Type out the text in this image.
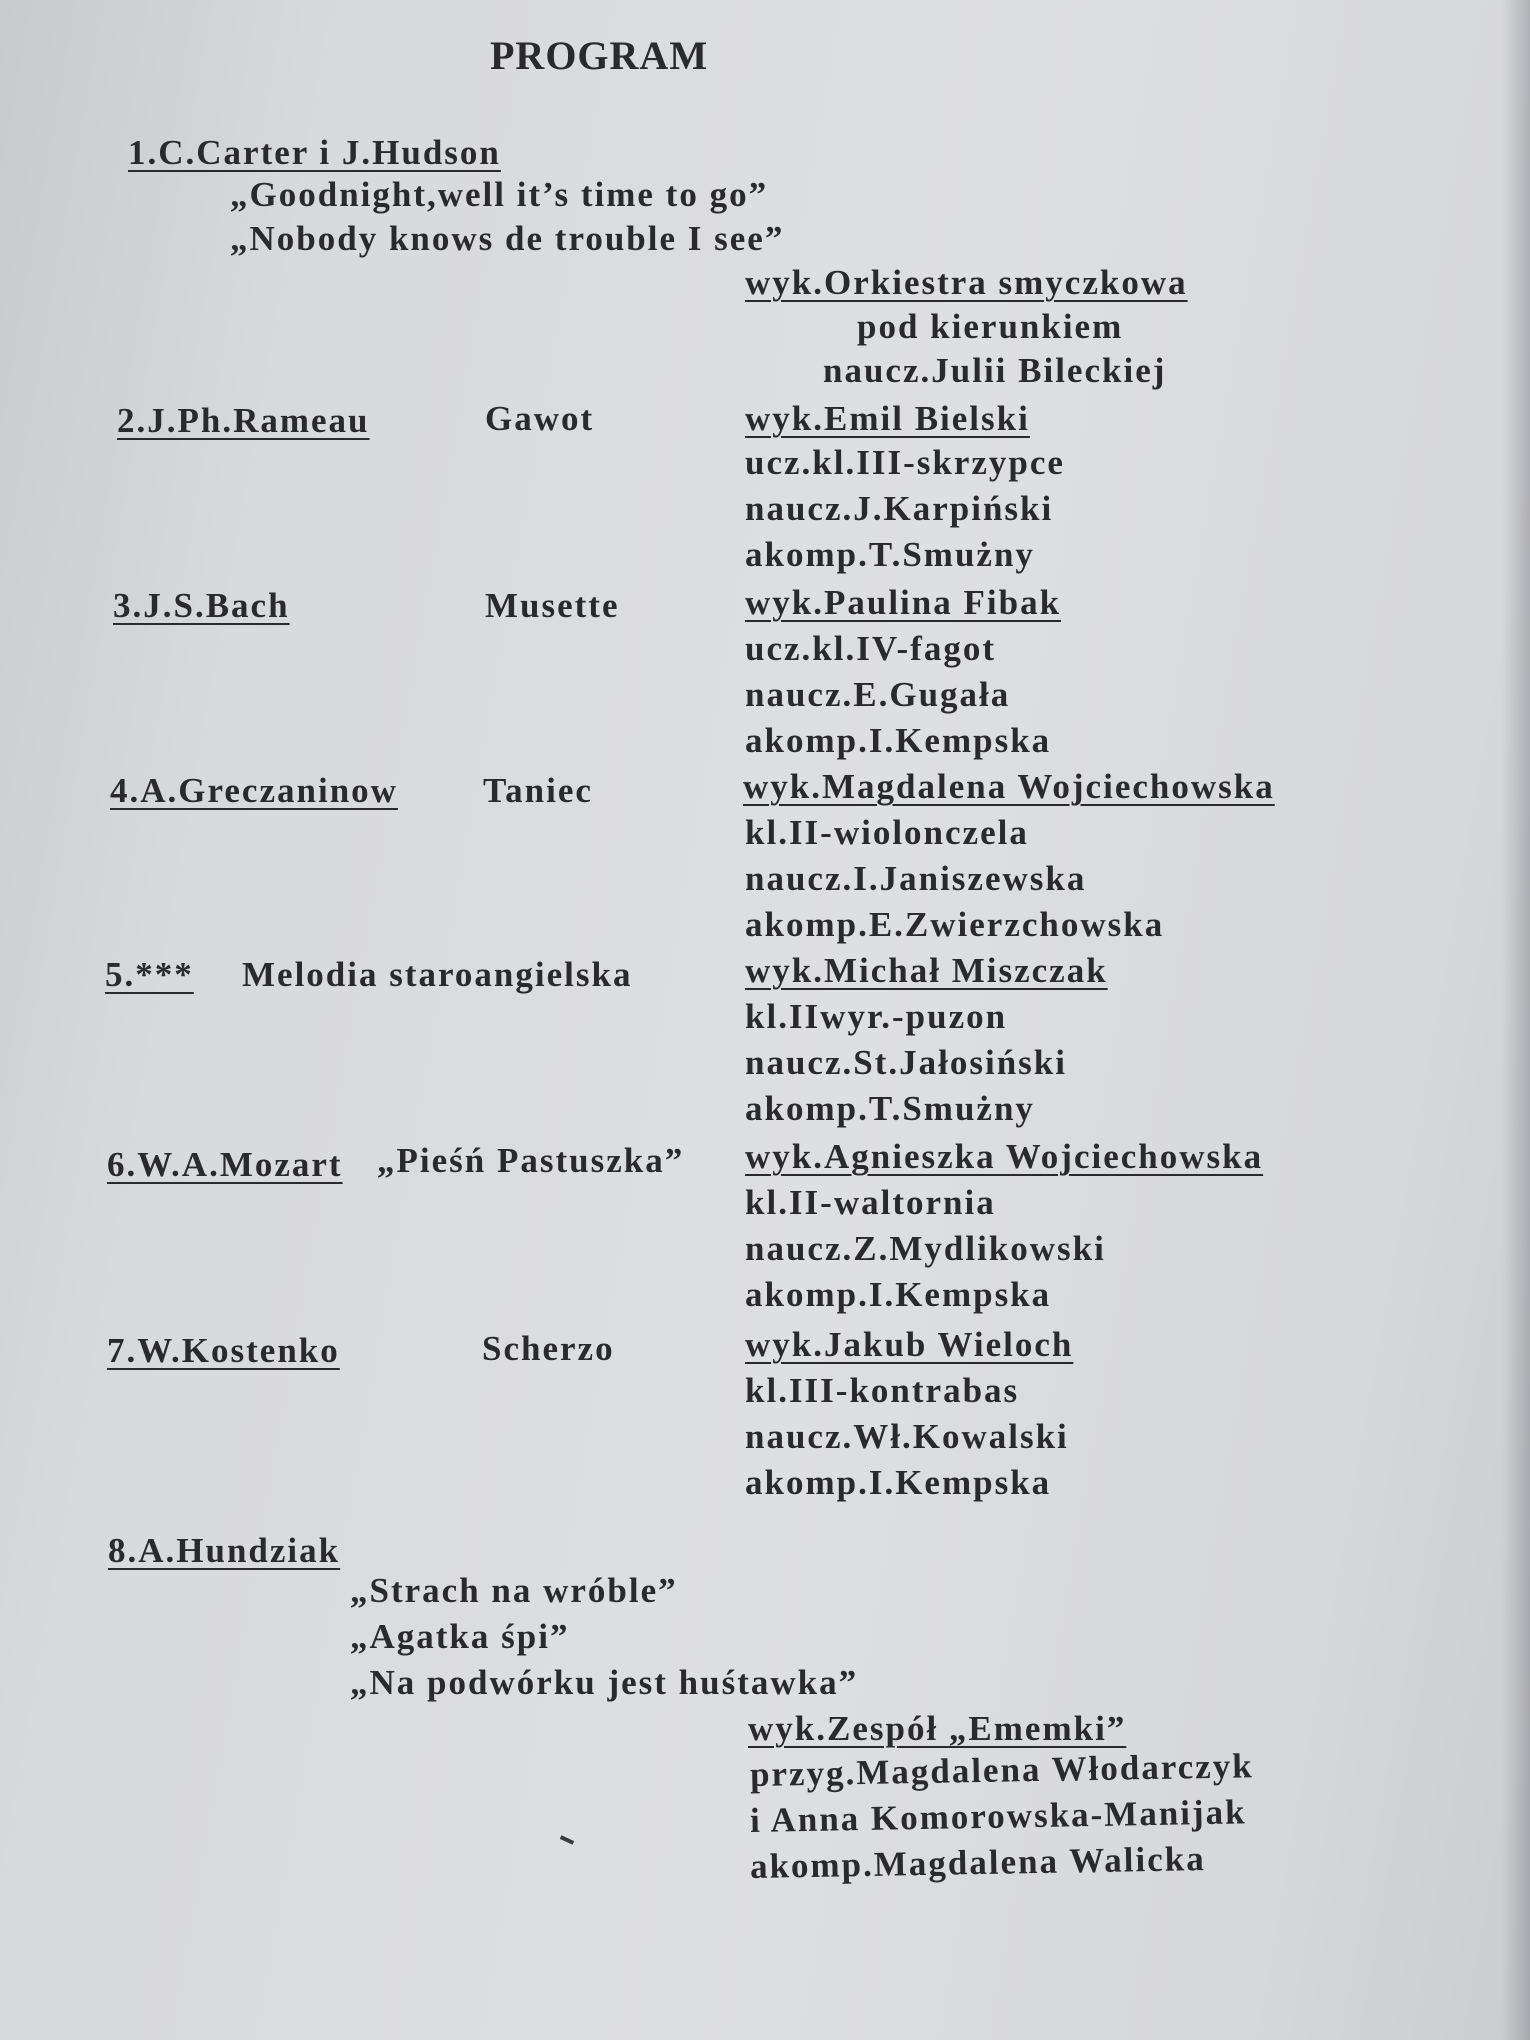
PROGRAM
1.C.Carter i J.Hudson
„Goodnight,well it’s time to go”
„Nobody knows de trouble I see”
wyk.Orkiestra smyczkowa
pod kierunkiem
naucz.Julii Bileckiej
2.J.Ph.Rameau	Gawot	wyk.Emil Bielski
ucz.kl.III-skrzypce
naucz.J.Karpiński
akomp.T.Smużny
3.J.S.Bach	Musette	wyk.Paulina Fibak
ucz.kl.IV-fagot
naucz.E.Gugała
akomp.I.Kempska
4.A.Greczaninow Taniec	wyk.Magdalena Wojciechowska
kl.II-wiolonczela
naucz.I.Janiszewska
akomp.E.Zwierzchowska
5.*** Melodia staroangielska	wyk.Michał Miszczak
kl.IIwyr.-puzon
naucz.St.Jałosiński
akomp.T.Smużny
6.W.A.Mozart „Pieśń Pastuszka” wyk.Agnieszka Wojciechowska
kl.II-waltornia
naucz.Z.Mydlikowski
akomp.I.Kempska
7.W.Kostenko	Scherzo	wyk.Jakub Wieloch
kl.III-kontrabas
naucz.Wł.Kowalski
akomp.I.Kempska
8.A.Hundziak
„Strach na wróble”
„Agatka śpi”
„Na podwórku jest huśtawka”
wyk.Zespół „Ememki”
przyg.Magdalena Włodarczyk
i Anna Komorowska-Manijak
akomp.Magdalena Walicka
